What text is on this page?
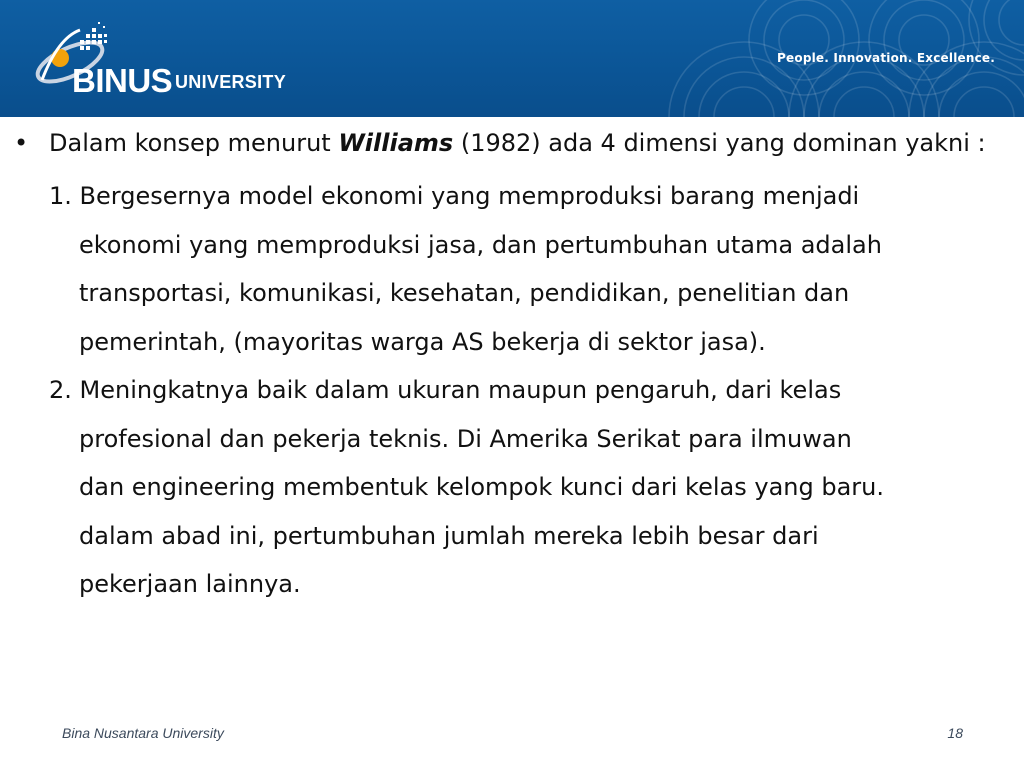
BINUS UNIVERSITY
People. Innovation. Excellence.
• Dalam konsep menurut Williams (1982) ada 4 dimensi yang dominan yakni :
1. Bergesernya model ekonomi yang memproduksi barang menjadi
ekonomi yang memproduksi jasa, dan pertumbuhan utama adalah
transportasi, komunikasi, kesehatan, pendidikan, penelitian dan
pemerintah, (mayoritas warga AS bekerja di sektor jasa).
2. Meningkatnya baik dalam ukuran maupun pengaruh, dari kelas
profesional dan pekerja teknis. Di Amerika Serikat para ilmuwan
dan engineering membentuk kelompok kunci dari kelas yang baru.
dalam abad ini, pertumbuhan jumlah mereka lebih besar dari
pekerjaan lainnya.
Bina Nusantara University	18
